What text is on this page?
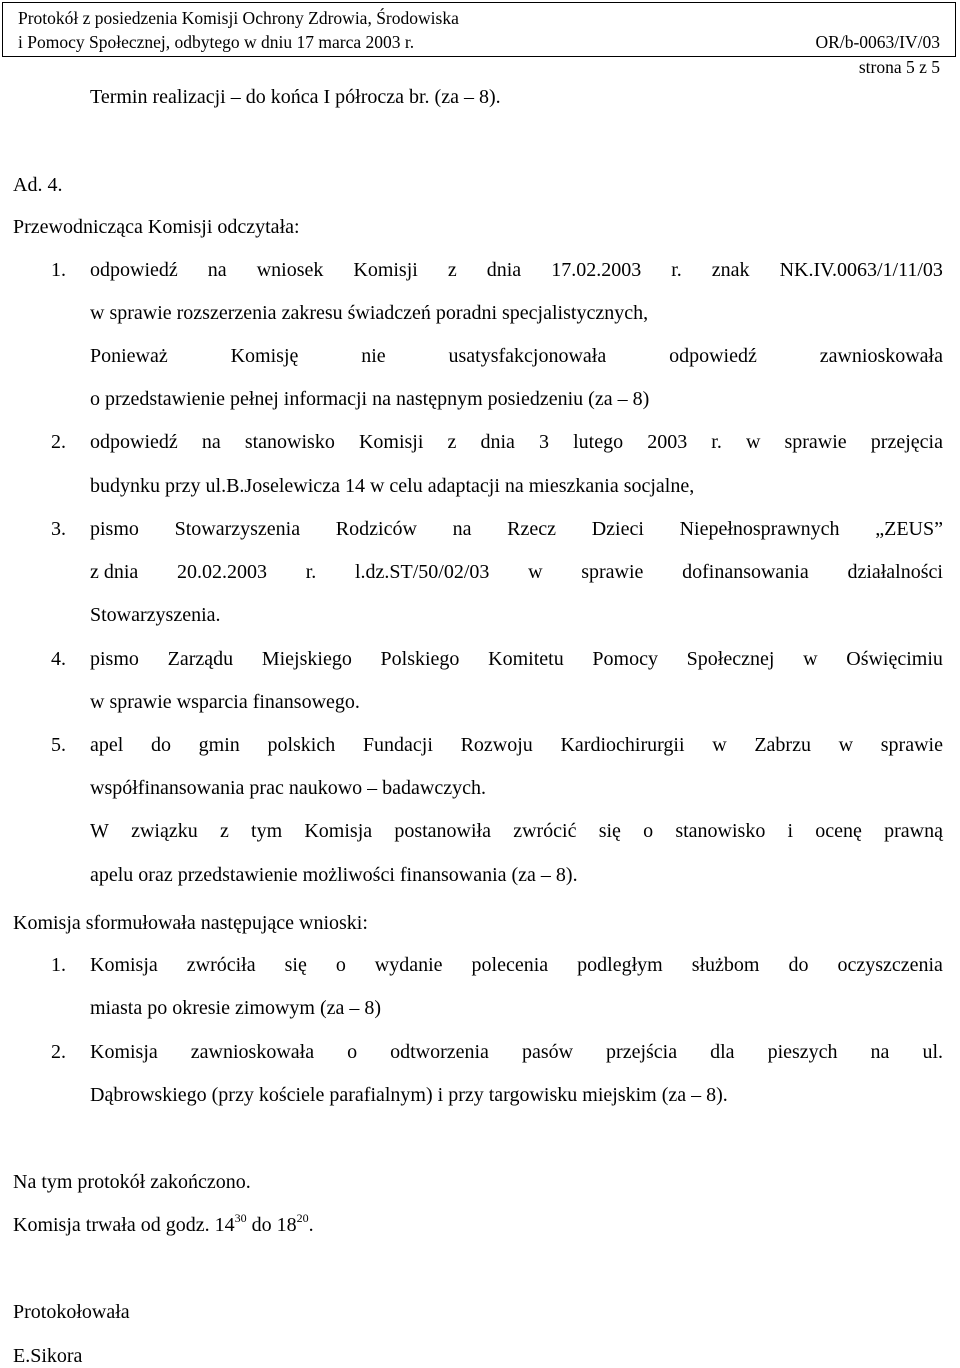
Protokół z posiedzenia Komisji Ochrony Zdrowia, Środowiska
i Pomocy Społecznej, odbytego w dniu 17 marca 2003 r.	OR/b-0063/IV/03
strona 5 z 5
Termin realizacji – do końca I półrocza br. (za – 8).
Ad. 4.
Przewodnicząca Komisji odczytała:
1. odpowiedź na wniosek Komisji z dnia 17.02.2003 r. znak NK.IV.0063/1/11/03
w sprawie rozszerzenia zakresu świadczeń poradni specjalistycznych,
Ponieważ	Komisję	nie	usatysfakcjonowała	odpowiedź	zawnioskowała
o przedstawienie pełnej informacji na następnym posiedzeniu (za – 8)
2. odpowiedź na stanowisko Komisji z dnia 3 lutego 2003 r. w sprawie przejęcia
budynku przy ul.B.Joselewicza 14 w celu adaptacji na mieszkania socjalne,
3. pismo Stowarzyszenia Rodziców na Rzecz Dzieci Niepełnosprawnych „ZEUS”
z dnia 20.02.2003 r. l.dz.ST/50/02/03 w sprawie dofinansowania działalności
Stowarzyszenia.
4. pismo Zarządu Miejskiego Polskiego Komitetu Pomocy Społecznej w Oświęcimiu
w sprawie wsparcia finansowego.
5. apel do gmin polskich Fundacji Rozwoju Kardiochirurgii w Zabrzu w sprawie
współfinansowania prac naukowo – badawczych.
W związku z tym Komisja postanowiła zwrócić się o stanowisko i ocenę prawną
apelu oraz przedstawienie możliwości finansowania (za – 8).
Komisja sformułowała następujące wnioski:
1. Komisja zwróciła się o wydanie polecenia podległym służbom do oczyszczenia
miasta po okresie zimowym (za – 8)
2. Komisja zawnioskowała o odtworzenia pasów przejścia dla pieszych na ul.
Dąbrowskiego (przy kościele parafialnym) i przy targowisku miejskim (za – 8).
Na tym protokół zakończono.
Komisja trwała od godz. $14^{30}$ do $18^{20}$.
Protokołowała
E.Sikora
